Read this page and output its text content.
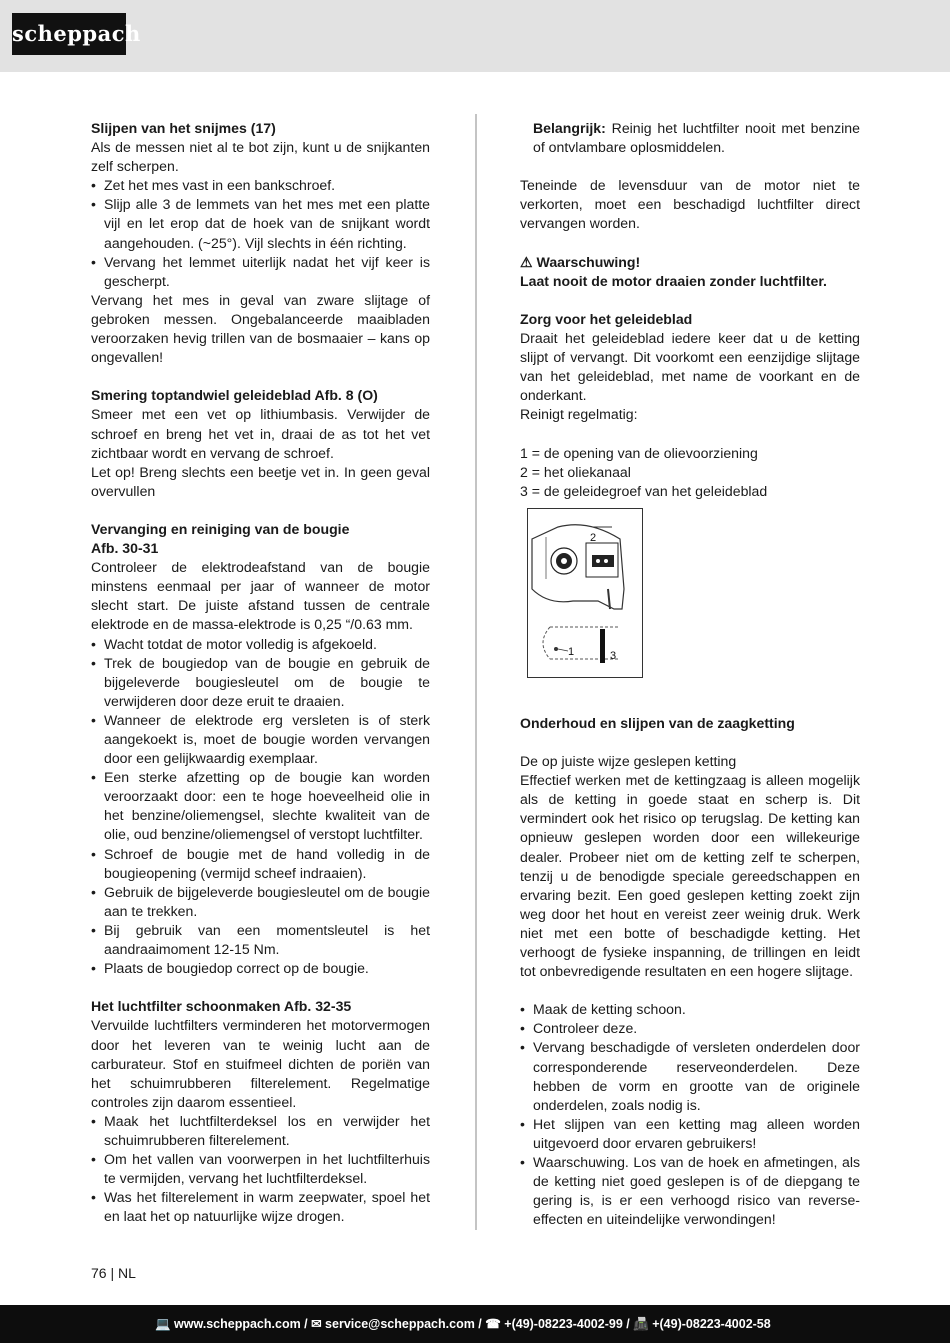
scheppach

Slijpen van het snijmes (17)

Als de messen niet al te bot zijn, kunt u de snijkanten zelf scherpen.

• Zet het mes vast in een bankschroef.
• Slijp alle 3 de lemmets van het mes met een platte vijl en let erop dat de hoek van de snijkant wordt aangehouden. (~25°). Vijl slechts in één richting.
• Vervang het lemmet uiterlijk nadat het vijf keer is gescherpt.

Vervang het mes in geval van zware slijtage of gebroken messen. Ongebalanceerde maaibladen veroorzaken hevig trillen van de bosmaaier – kans op ongevallen!

Smering toptandwiel geleideblad Afb. 8 (O)

Smeer met een vet op lithiumbasis. Verwijder de schroef en breng het vet in, draai de as tot het vet zichtbaar wordt en vervang de schroef.

Let op! Breng slechts een beetje vet in. In geen geval overvullen

Vervanging en reiniging van de bougie

Afb. 30-31

Controleer de elektrodeafstand van de bougie minstens eenmaal per jaar of wanneer de motor slecht start. De juiste afstand tussen de centrale elektrode en de massa-elektrode is 0,25 “/0.63 mm.

• Wacht totdat de motor volledig is afgekoeld.
• Trek de bougiedop van de bougie en gebruik de bijgeleverde bougiesleutel om de bougie te verwijderen door deze eruit te draaien.
• Wanneer de elektrode erg versleten is of sterk aangekoekt is, moet de bougie worden vervangen door een gelijkwaardig exemplaar.
• Een sterke afzetting op de bougie kan worden veroorzaakt door: een te hoge hoeveelheid olie in het benzine/oliemengsel, slechte kwaliteit van de olie, oud benzine/oliemengsel of verstopt luchtfilter.
• Schroef de bougie met de hand volledig in de bougieopening (vermijd scheef indraaien).
• Gebruik de bijgeleverde bougiesleutel om de bougie aan te trekken.
• Bij gebruik van een momentsleutel is het aandraaimoment 12-15 Nm.
• Plaats de bougiedop correct op de bougie.

Het luchtfilter schoonmaken Afb. 32-35

Vervuilde luchtfilters verminderen het motorvermogen door het leveren van te weinig lucht aan de carburateur. Stof en stuifmeel dichten de poriën van het schuimrubberen filterelement. Regelmatige controles zijn daarom essentieel.

• Maak het luchtfilterdeksel los en verwijder het schuimrubberen filterelement.
• Om het vallen van voorwerpen in het luchtfilterhuis te vermijden, vervang het luchtfilterdeksel.
• Was het filterelement in warm zeepwater, spoel het en laat het op natuurlijke wijze drogen.

Belangrijk: Reinig het luchtfilter nooit met benzine of ontvlambare oplosmiddelen.

Teneinde de levensduur van de motor niet te verkorten, moet een beschadigd luchtfilter direct vervangen worden.

⚠ Waarschuwing!

Laat nooit de motor draaien zonder luchtfilter.

Zorg voor het geleideblad

Draait het geleideblad iedere keer dat u de ketting slijpt of vervangt. Dit voorkomt een eenzijdige slijtage van het geleideblad, met name de voorkant en de onderkant.

Reinigt regelmatig:

1 = de opening van de olievoorziening

2 = het oliekanaal

3 = de geleidegroef van het geleideblad

2
1	3

Onderhoud en slijpen van de zaagketting

De op juiste wijze geslepen ketting

Effectief werken met de kettingzaag is alleen mogelijk als de ketting in goede staat en scherp is. Dit vermindert ook het risico op terugslag. De ketting kan opnieuw geslepen worden door een willekeurige dealer. Probeer niet om de ketting zelf te scherpen, tenzij u de benodigde speciale gereedschappen en ervaring bezit. Een goed geslepen ketting zoekt zijn weg door het hout en vereist zeer weinig druk. Werk niet met een botte of beschadigde ketting. Het verhoogt de fysieke inspanning, de trillingen en leidt tot onbevredigende resultaten en een hogere slijtage.

• Maak de ketting schoon.
• Controleer deze.
• Vervang beschadigde of versleten onderdelen door corresponderende reserveonderdelen. Deze hebben de vorm en grootte van de originele onderdelen, zoals nodig is.
• Het slijpen van een ketting mag alleen worden uitgevoerd door ervaren gebruikers!
• Waarschuwing. Los van de hoek en afmetingen, als de ketting niet goed geslepen is of de diepgang te gering is, is er een verhoogd risico van reverse-effecten en uiteindelijke verwondingen!
76 | NL
💻 www.scheppach.com / ✉ service@scheppach.com / ☎ +(49)-08223-4002-99 / 📠 +(49)-08223-4002-58
